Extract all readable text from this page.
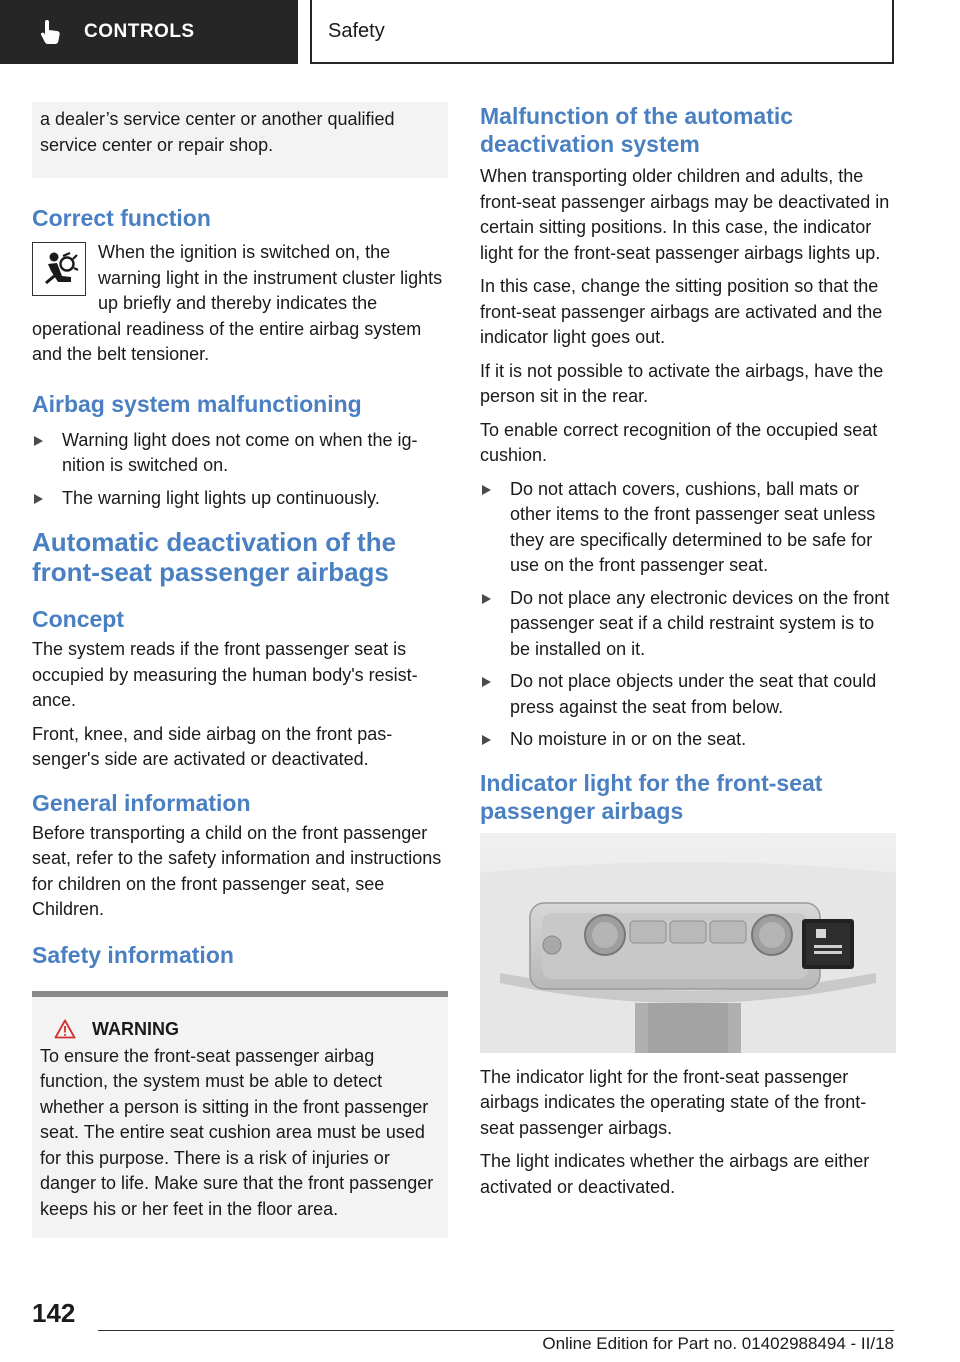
CONTROLS	Safety

a dealer’s service center or another qualified service center or repair shop.

Correct function

When the ignition is switched on, the warning light in the instrument cluster lights up briefly and thereby indicates the operational readiness of the entire airbag system and the belt tensioner.

Airbag system malfunctioning
Warning light does not come on when the ignition is switched on.
The warning light lights up continuously.
Automatic deactivation of the front-seat passenger airbags
Concept

The system reads if the front passenger seat is occupied by measuring the human body's resistance.

Front, knee, and side airbag on the front passenger's side are activated or deactivated.

General information

Before transporting a child on the front passenger seat, refer to the safety information and instructions for children on the front passenger seat, see Children.

Safety information
WARNING

To ensure the front-seat passenger airbag function, the system must be able to detect whether a person is sitting in the front passenger seat. The entire seat cushion area must be used for this purpose. There is a risk of injuries or danger to life. Make sure that the front passenger keeps his or her feet in the floor area.

Malfunction of the automatic deactivation system

When transporting older children and adults, the front-seat passenger airbags may be deactivated in certain sitting positions. In this case, the indicator light for the front-seat passenger airbags lights up.

In this case, change the sitting position so that the front-seat passenger airbags are activated and the indicator light goes out.

If it is not possible to activate the airbags, have the person sit in the rear.

To enable correct recognition of the occupied seat cushion.

Do not attach covers, cushions, ball mats or other items to the front passenger seat unless they are specifically determined to be safe for use on the front passenger seat.
Do not place any electronic devices on the front passenger seat if a child restraint system is to be installed on it.
Do not place objects under the seat that could press against the seat from below.
No moisture in or on the seat.
Indicator light for the front-seat passenger airbags

The indicator light for the front-seat passenger airbags indicates the operating state of the front-seat passenger airbags.

The light indicates whether the airbags are either activated or deactivated.

142
Online Edition for Part no. 01402988494 - II/18
